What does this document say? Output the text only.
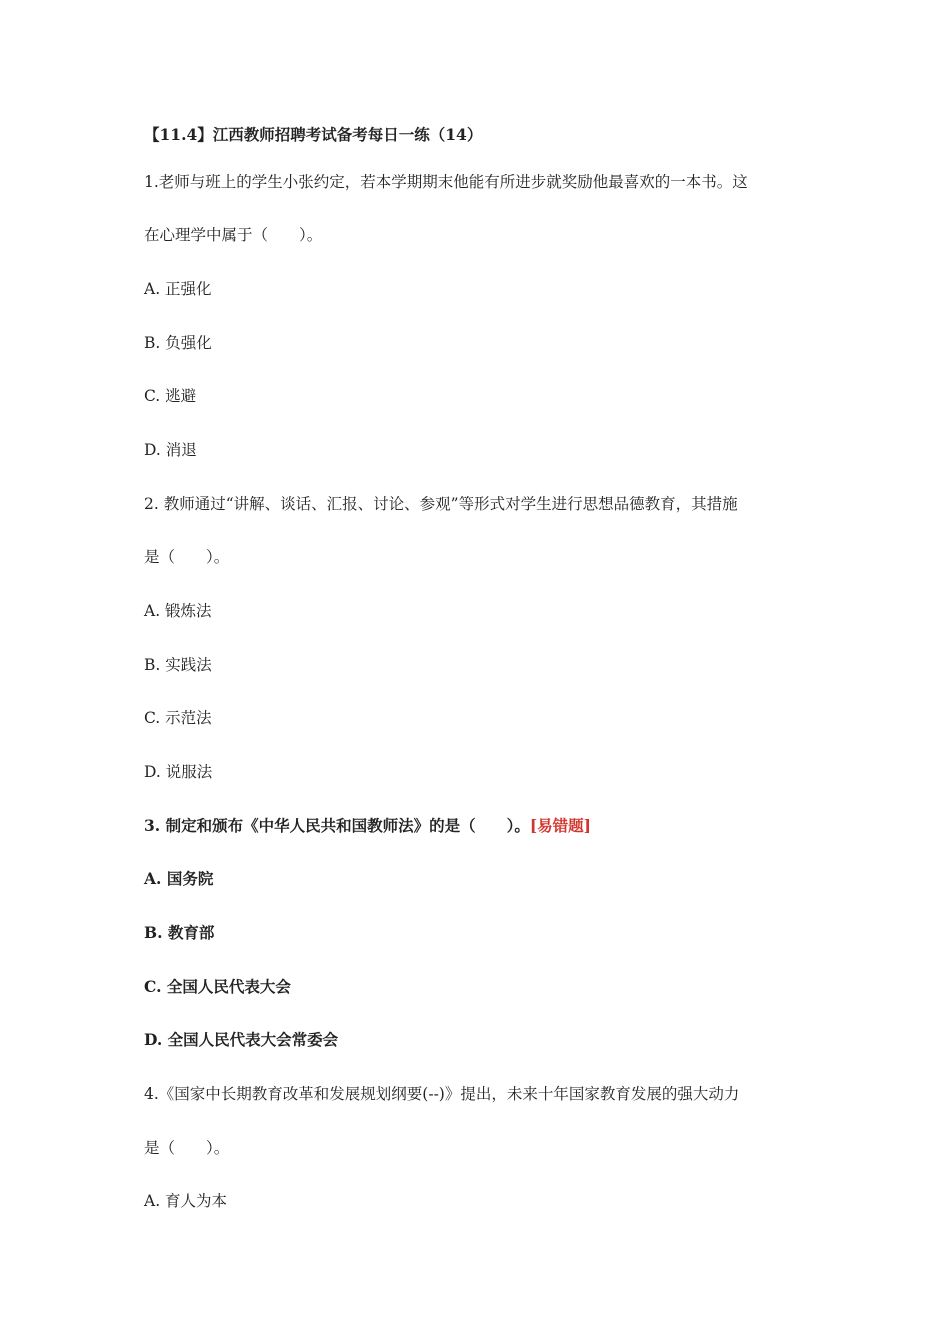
【11.4】江西教师招聘考试备考每日一练（14）
1.老师与班上的学生小张约定，若本学期期末他能有所进步就奖励他最喜欢的一本书。这
在心理学中属于（　　）。
A. 正强化
B. 负强化
C. 逃避
D. 消退
2. 教师通过“讲解、谈话、汇报、讨论、参观”等形式对学生进行思想品德教育，其措施
是（　　）。
A. 锻炼法
B. 实践法
C. 示范法
D. 说服法
3. 制定和颁布《中华人民共和国教师法》的是（　　）。[易错题]
A. 国务院
B. 教育部
C. 全国人民代表大会
D. 全国人民代表大会常委会
4.《国家中长期教育改革和发展规划纲要(--)》提出，未来十年国家教育发展的强大动力
是（　　）。
A. 育人为本
